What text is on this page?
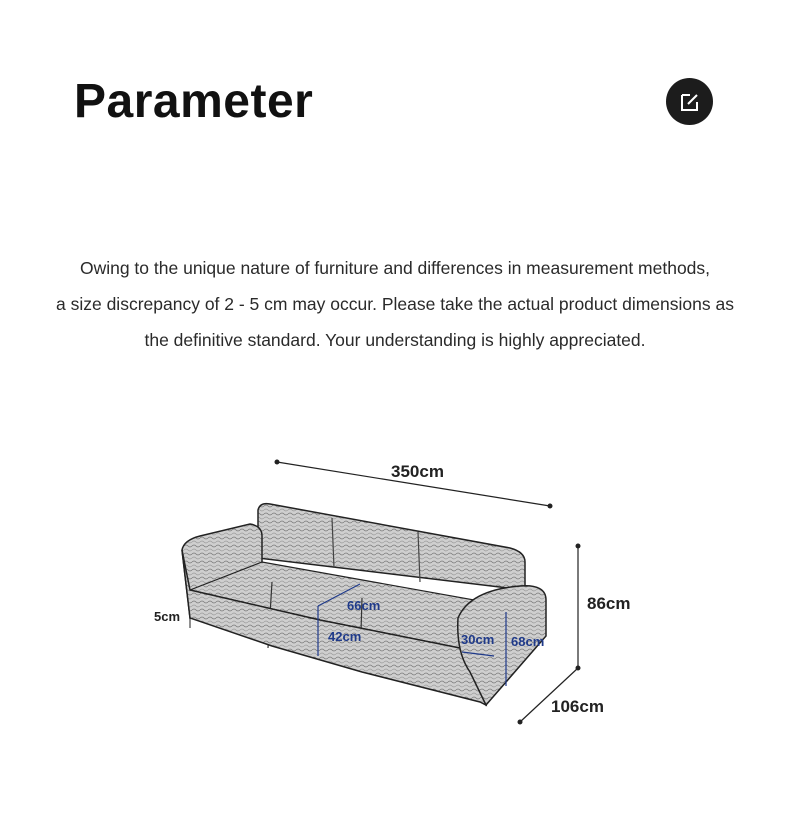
Parameter

Owing to the unique nature of furniture and differences in measurement methods,

a size discrepancy of 2 - 5 cm may occur. Please take the actual product dimensions as

the definitive standard. Your understanding is highly appreciated.

350cm
86cm
106cm
5cm
66cm
42cm	30cm 68cm
